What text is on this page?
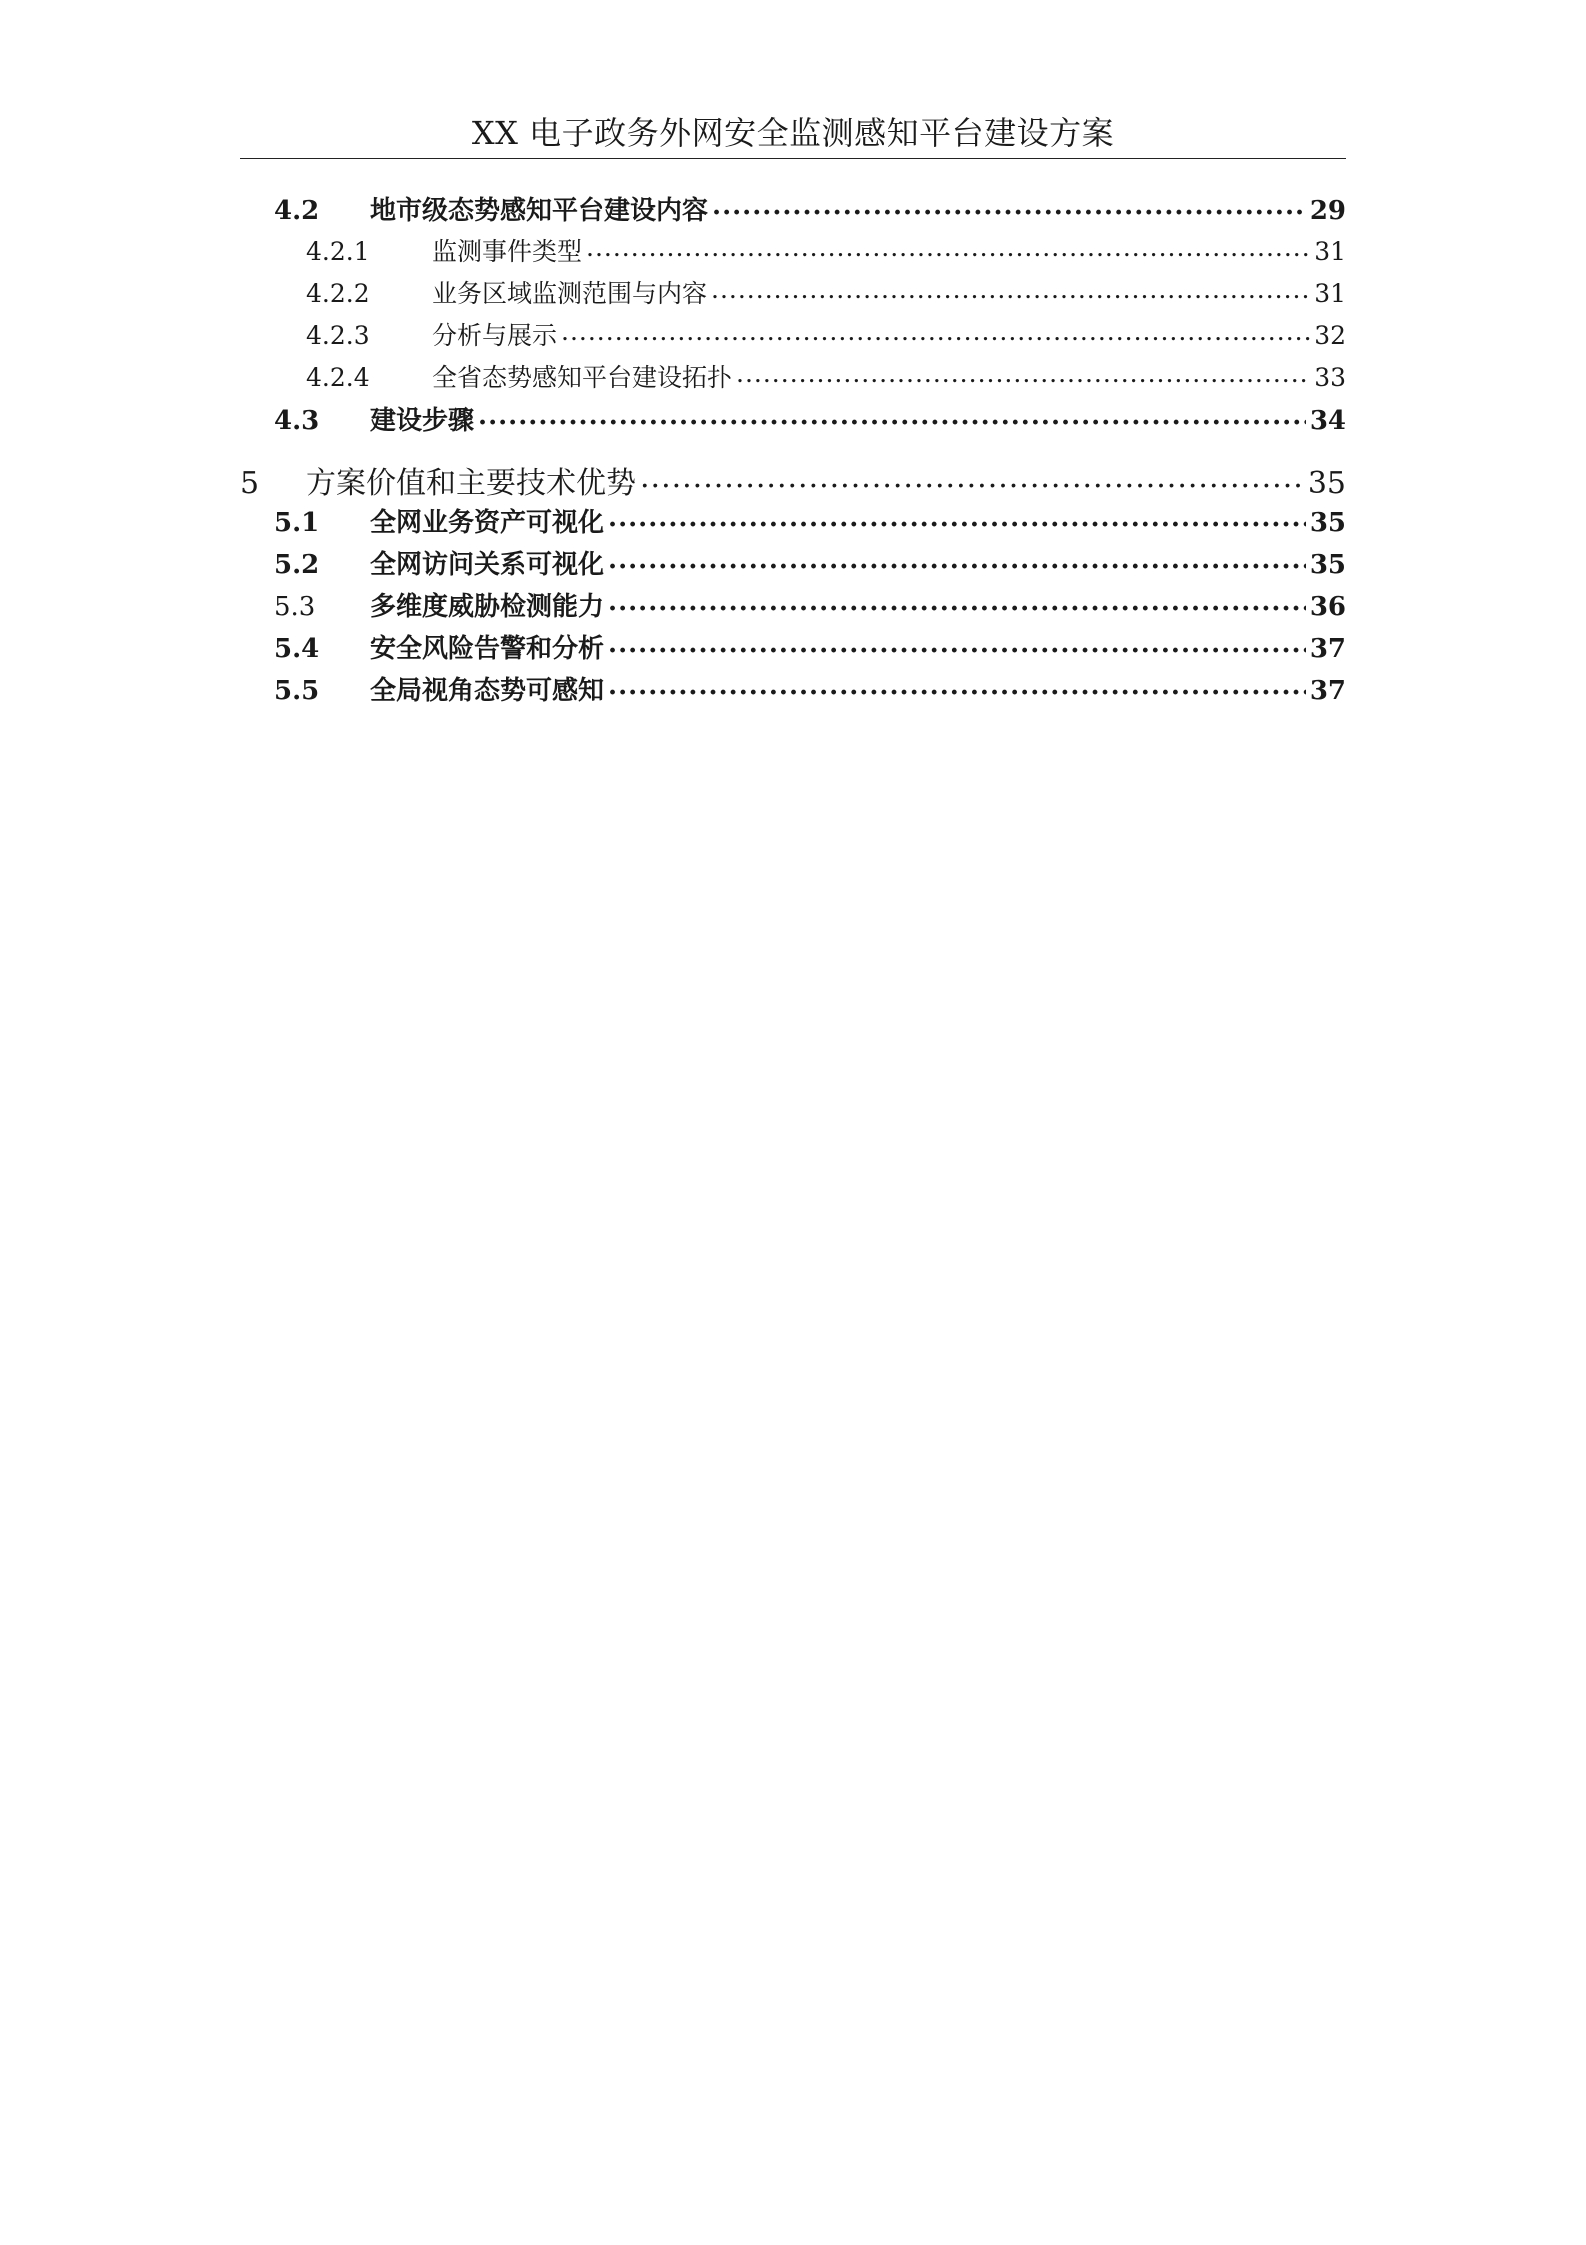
XX 电子政务外网安全监测感知平台建设方案
4.2	地市级态势感知平台建设内容 .....	29
4.2.1	监测事件类型 .....	31
4.2.2	业务区域监测范围与内容 .....	31
4.2.3	分析与展示 .....	32
4.2.4	全省态势感知平台建设拓扑 .....	33
4.3	建设步骤 .....	34
5	方案价值和主要技术优势 .....	35
5.1	全网业务资产可视化 .....	35
5.2	全网访问关系可视化 .....	35
5.3	多维度威胁检测能力 .....	36
5.4	安全风险告警和分析 .....	37
5.5	全局视角态势可感知 .....	37
